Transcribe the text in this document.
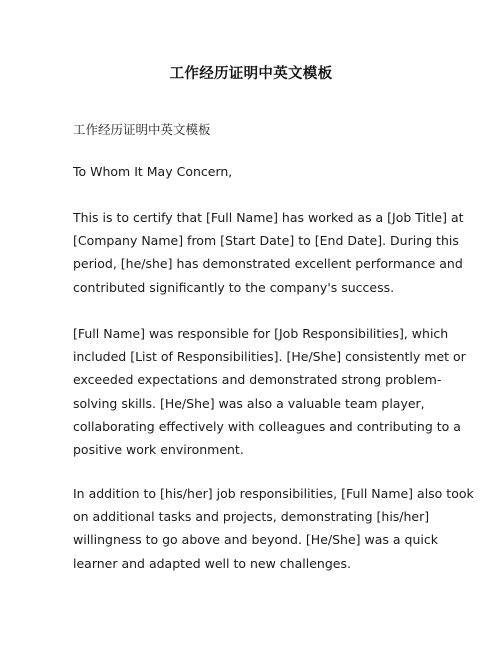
工作经历证明中英文模板
工作经历证明中英文模板
To Whom It May Concern,

This is to certify that [Full Name] has worked as a [Job Title] at
[Company Name] from [Start Date] to [End Date]. During this
period, [he/she] has demonstrated excellent performance and
contributed significantly to the company's success.

[Full Name] was responsible for [Job Responsibilities], which
included [List of Responsibilities]. [He/She] consistently met or
exceeded expectations and demonstrated strong problem-
solving skills. [He/She] was also a valuable team player,
collaborating effectively with colleagues and contributing to a
positive work environment.

In addition to [his/her] job responsibilities, [Full Name] also took
on additional tasks and projects, demonstrating [his/her]
willingness to go above and beyond. [He/She] was a quick
learner and adapted well to new challenges.
